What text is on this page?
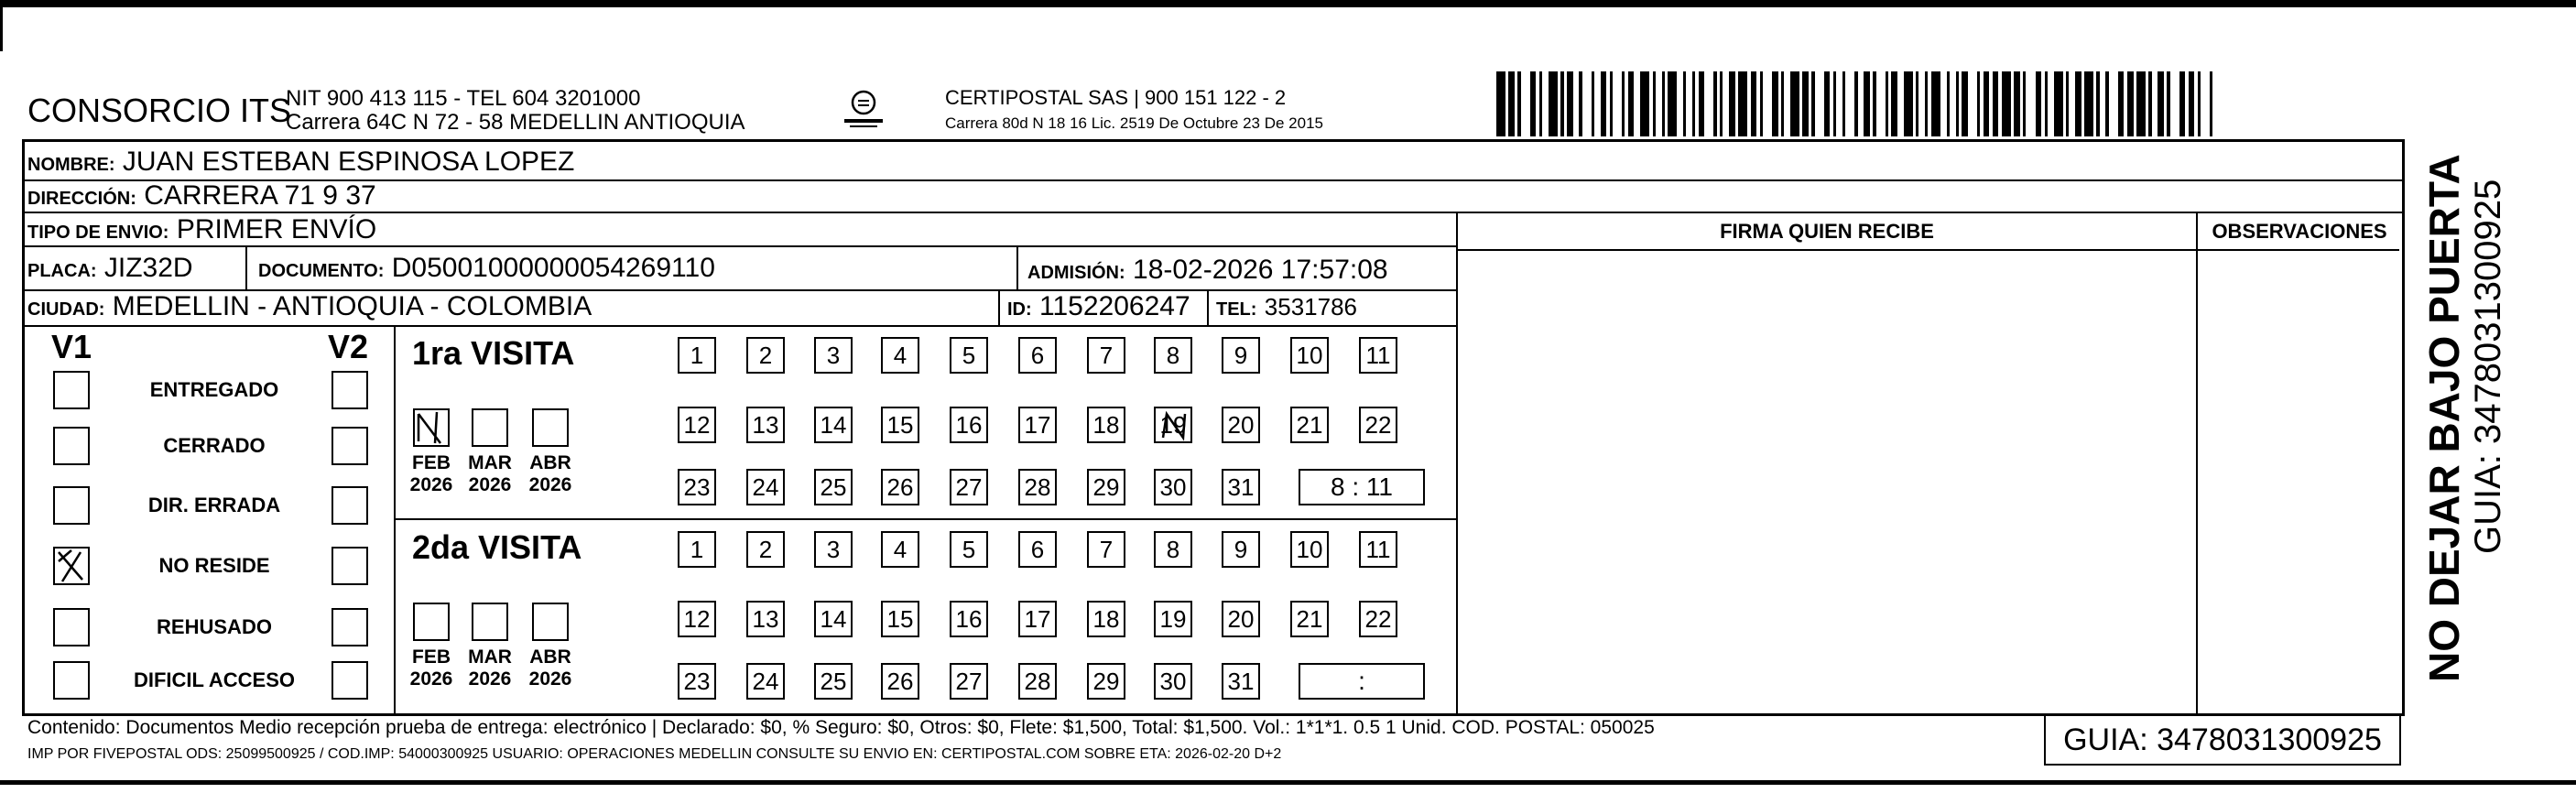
CONSORCIO ITS
NIT 900 413 115 - TEL 604 3201000
Carrera 64C N 72 - 58 MEDELLIN ANTIOQUIA
CERTIPOSTAL SAS | 900 151 122 - 2
Carrera 80d N 18 16 Lic. 2519 De Octubre 23 De 2015
NOMBRE: JUAN ESTEBAN ESPINOSA LOPEZ
DIRECCIÓN: CARRERA 71 9 37
TIPO DE ENVIO: PRIMER ENVÍO
PLACA: JIZ32D	DOCUMENTO: D05001000000054269110	ADMISIÓN: 18-02-2026 17:57:08
CIUDAD: MEDELLIN - ANTIOQUIA - COLOMBIA	ID: 1152206247 TEL: 3531786
FIRMA QUIEN RECIBE	OBSERVACIONES
V1	V2
ENTREGADO
CERRADO
DIR. ERRADA
NO RESIDE
REHUSADO
DIFICIL ACCESO
1ra VISITA
FEB
2026
MAR
2026
ABR
2026
1	2	3	4	5	6	7	8	9	10 11
12 13 14 15 16 17 18 19 20 21 22
23 24 25 26 27 28 29 30 31	8 : 11
2da VISITA
FEB
2026
MAR
2026
ABR
2026
1	2	3	4	5	6	7	8	9	10 11
12 13 14 15 16 17 18 19 20 21 22
23 24 25 26 27 28 29 30 31	:	NO DEJAR BAJO PUERTA GUIA: 3478031300925
Contenido: Documentos Medio recepción prueba de entrega: electrónico | Declarado: $0, % Seguro: $0, Otros: $0, Flete: $1,500, Total: $1,500. Vol.: 1*1*1. 0.5 1 Unid. COD. POSTAL: 050025
IMP POR FIVEPOSTAL ODS: 25099500925 / COD.IMP: 54000300925 USUARIO: OPERACIONES MEDELLIN CONSULTE SU ENVIO EN: CERTIPOSTAL.COM SOBRE ETA: 2026-02-20 D+2	GUIA: 3478031300925
